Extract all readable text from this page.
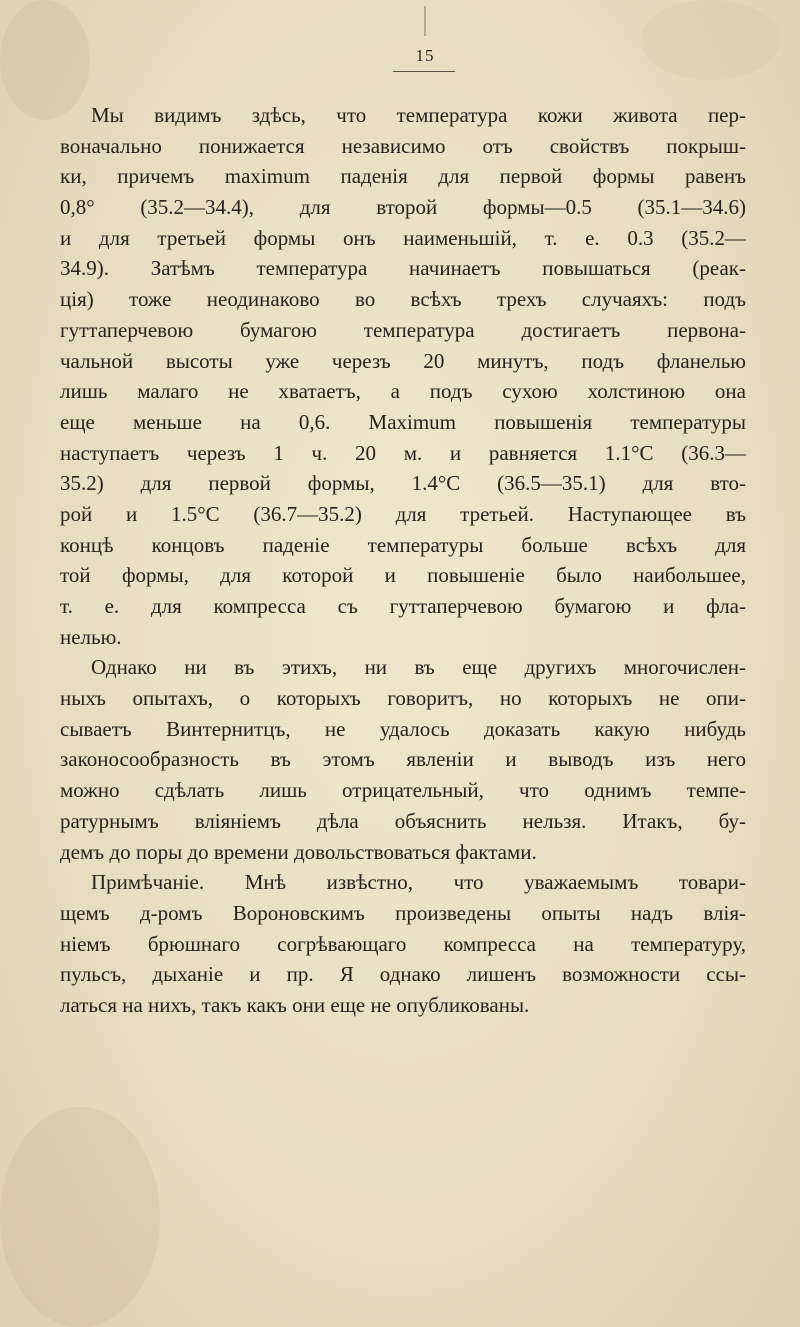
15
Мы видимъ здѣсь, что температура кожи живота пер-
воначально понижается независимо отъ свойствъ покрыш-
ки, причемъ maximum паденія для первой формы равенъ
0,8° (35.2—34.4), для второй формы—0.5 (35.1—34.6)
и для третьей формы онъ наименьшій, т. е. 0.3 (35.2—
34.9). Затѣмъ температура начинаетъ повышаться (реак-
ція) тоже неодинаково во всѣхъ трехъ случаяхъ: подъ
гуттаперчевою бумагою температура достигаетъ первона-
чальной высоты уже черезъ 20 минутъ, подъ фланелью
лишь малаго не хватаетъ, а подъ сухою холстиною она
еще меньше на 0,6. Maximum повышенія температуры
наступаетъ черезъ 1 ч. 20 м. и равняется 1.1°C (36.3—
35.2) для первой формы, 1.4°C (36.5—35.1) для вто-
рой и 1.5°C (36.7—35.2) для третьей. Наступающее въ
концѣ концовъ паденіе температуры больше всѣхъ для
той формы, для которой и повышеніе было наибольшее,
т. е. для компресса съ гуттаперчевою бумагою и фла-
нелью.
Однако ни въ этихъ, ни въ еще другихъ многочислен-
ныхъ опытахъ, о которыхъ говоритъ, но которыхъ не опи-
сываетъ Винтернитцъ, не удалось доказать какую нибудь
законосообразность въ этомъ явленіи и выводъ изъ него
можно сдѣлать лишь отрицательный, что однимъ темпе-
ратурнымъ вліяніемъ дѣла объяснить нельзя. Итакъ, бу-
демъ до поры до времени довольствоваться фактами.
Примѣчаніе. Мнѣ извѣстно, что уважаемымъ товари-
щемъ д-ромъ Вороновскимъ произведены опыты надъ влія-
ніемъ брюшнаго согрѣвающаго компресса на температуру,
пульсъ, дыханіе и пр. Я однако лишенъ возможности ссы-
латься на нихъ, такъ какъ они еще не опубликованы.
